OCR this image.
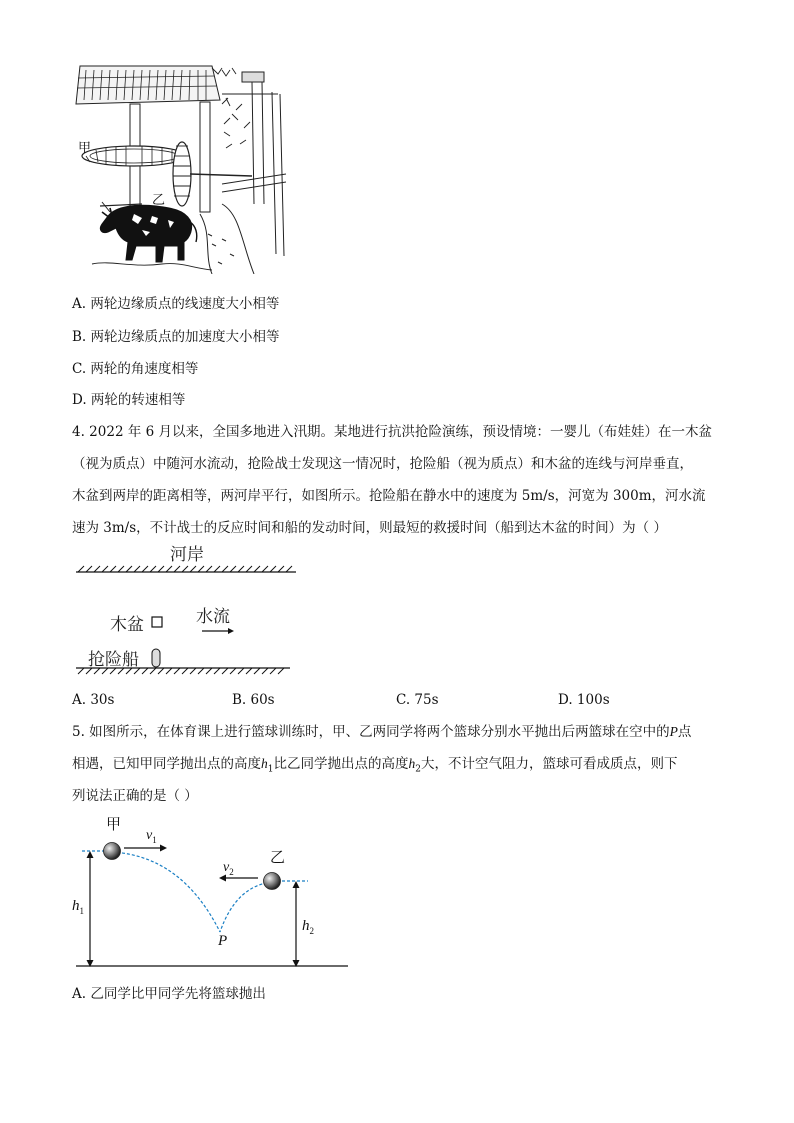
甲
乙
A. 两轮边缘质点的线速度大小相等
B. 两轮边缘质点的加速度大小相等
C. 两轮的角速度相等
D. 两轮的转速相等
4. 2022 年 6 月以来，全国多地进入汛期。某地进行抗洪抢险演练，预设情境：一婴儿（布娃娃）在一木盆
（视为质点）中随河水流动，抢险战士发现这一情况时，抢险船（视为质点）和木盆的连线与河岸垂直，
木盆到两岸的距离相等，两河岸平行，如图所示。抢险船在静水中的速度为 5m/s，河宽为 300m，河水流
速为 3m/s，不计战士的反应时间和船的发动时间，则最短的救援时间（船到达木盆的时间）为（ ）
河岸
木盆	水流
抢险船
A. 30s	B. 60s	C. 75s	D. 100s
5. 如图所示，在体育课上进行篮球训练时，甲、乙两同学将两个篮球分别水平抛出后两篮球在空中的P点
相遇，已知甲同学抛出点的高度$h_1$比乙同学抛出点的高度$h_2$大，不计空气阻力，篮球可看成质点，则下
列说法正确的是（ ）
甲
乙
$v_1$
$v_2$
P
$h_1$
$h_2$
A. 乙同学比甲同学先将篮球抛出
